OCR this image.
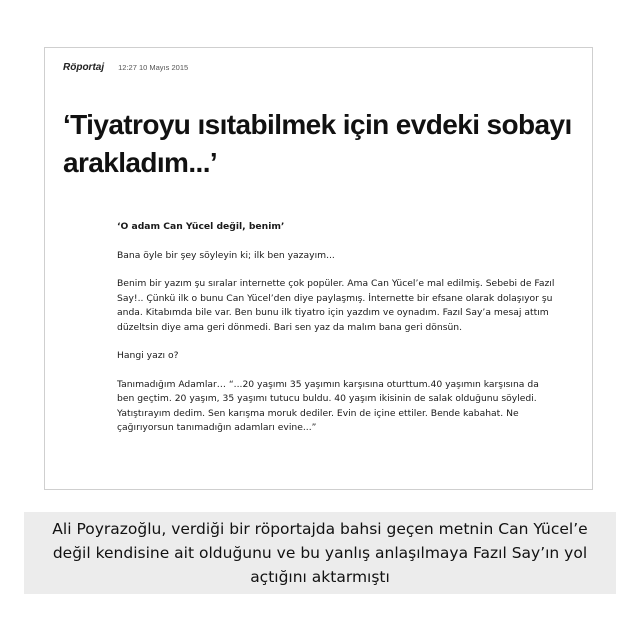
Röportaj 12:27 10 Mayıs 2015
‘Tiyatroyu ısıtabilmek için evdeki sobayı arakladım...’

‘O adam Can Yücel değil, benim’

Bana öyle bir şey söyleyin ki; ilk ben yazayım...

Benim bir yazım şu sıralar internette çok popüler. Ama Can Yücel’e mal edilmiş. Sebebi de Fazıl Say!.. Çünkü ilk o bunu Can Yücel’den diye paylaşmış. İnternette bir efsane olarak dolaşıyor şu anda. Kitabımda bile var. Ben bunu ilk tiyatro için yazdım ve oynadım. Fazıl Say’a mesaj attım düzeltsin diye ama geri dönmedi. Bari sen yaz da malım bana geri dönsün.

Hangi yazı o?

Tanımadığım Adamlar… “...20 yaşımı 35 yaşımın karşısına oturttum.40 yaşımın karşısına da ben geçtim. 20 yaşım, 35 yaşımı tutucu buldu. 40 yaşım ikisinin de salak olduğunu söyledi. Yatıştırayım dedim. Sen karışma moruk dediler. Evin de içine ettiler. Bende kabahat. Ne çağırıyorsun tanımadığın adamları evine...”

Ali Poyrazoğlu, verdiği bir röportajda bahsi geçen metnin Can Yücel’e değil kendisine ait olduğunu ve bu yanlış anlaşılmaya Fazıl Say’ın yol açtığını aktarmıştı
